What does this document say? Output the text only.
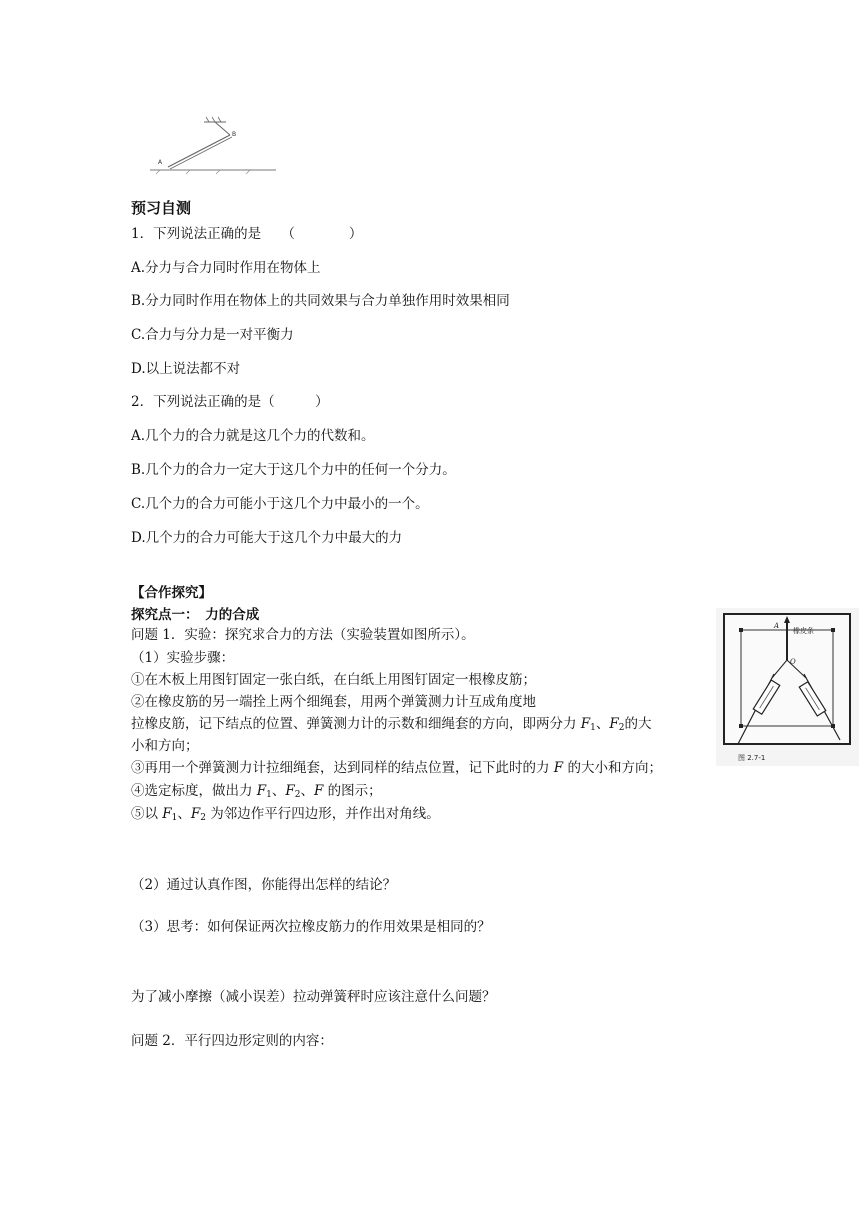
A
B
预习自测
1．下列说法正确的是　　（　　　　）
A.分力与合力同时作用在物体上
B.分力同时作用在物体上的共同效果与合力单独作用时效果相同
C.合力与分力是一对平衡力
D.以上说法都不对
2．下列说法正确的是（　　　）
A.几个力的合力就是这几个力的代数和。
B.几个力的合力一定大于这几个力中的任何一个分力。
C.几个力的合力可能小于这几个力中最小的一个。
D.几个力的合力可能大于这几个力中最大的力
【合作探究】
探究点一：　力的合成
问题 1．实验：探究求合力的方法（实验装置如图所示）。
（1）实验步骤：
①在木板上用图钉固定一张白纸，在白纸上用图钉固定一根橡皮筋；
②在橡皮筋的另一端拴上两个细绳套，用两个弹簧测力计互成角度地
拉橡皮筋，记下结点的位置、弹簧测力计的示数和细绳套的方向，即两分力 $F_1$、$F_2$的大
小和方向；
③再用一个弹簧测力计拉细绳套，达到同样的结点位置，记下此时的力 F 的大小和方向；
④选定标度，做出力 $F_1$、$F_2$、F 的图示；
⑤以 $F_1$、$F_2$ 为邻边作平行四边形，并作出对角线。
（2）通过认真作图，你能得出怎样的结论？
（3）思考：如何保证两次拉橡皮筋力的作用效果是相同的？
为了减小摩擦（减小误差）拉动弹簧秤时应该注意什么问题？
问题 2．平行四边形定则的内容：
A
橡皮条
O
图 2.7-1
